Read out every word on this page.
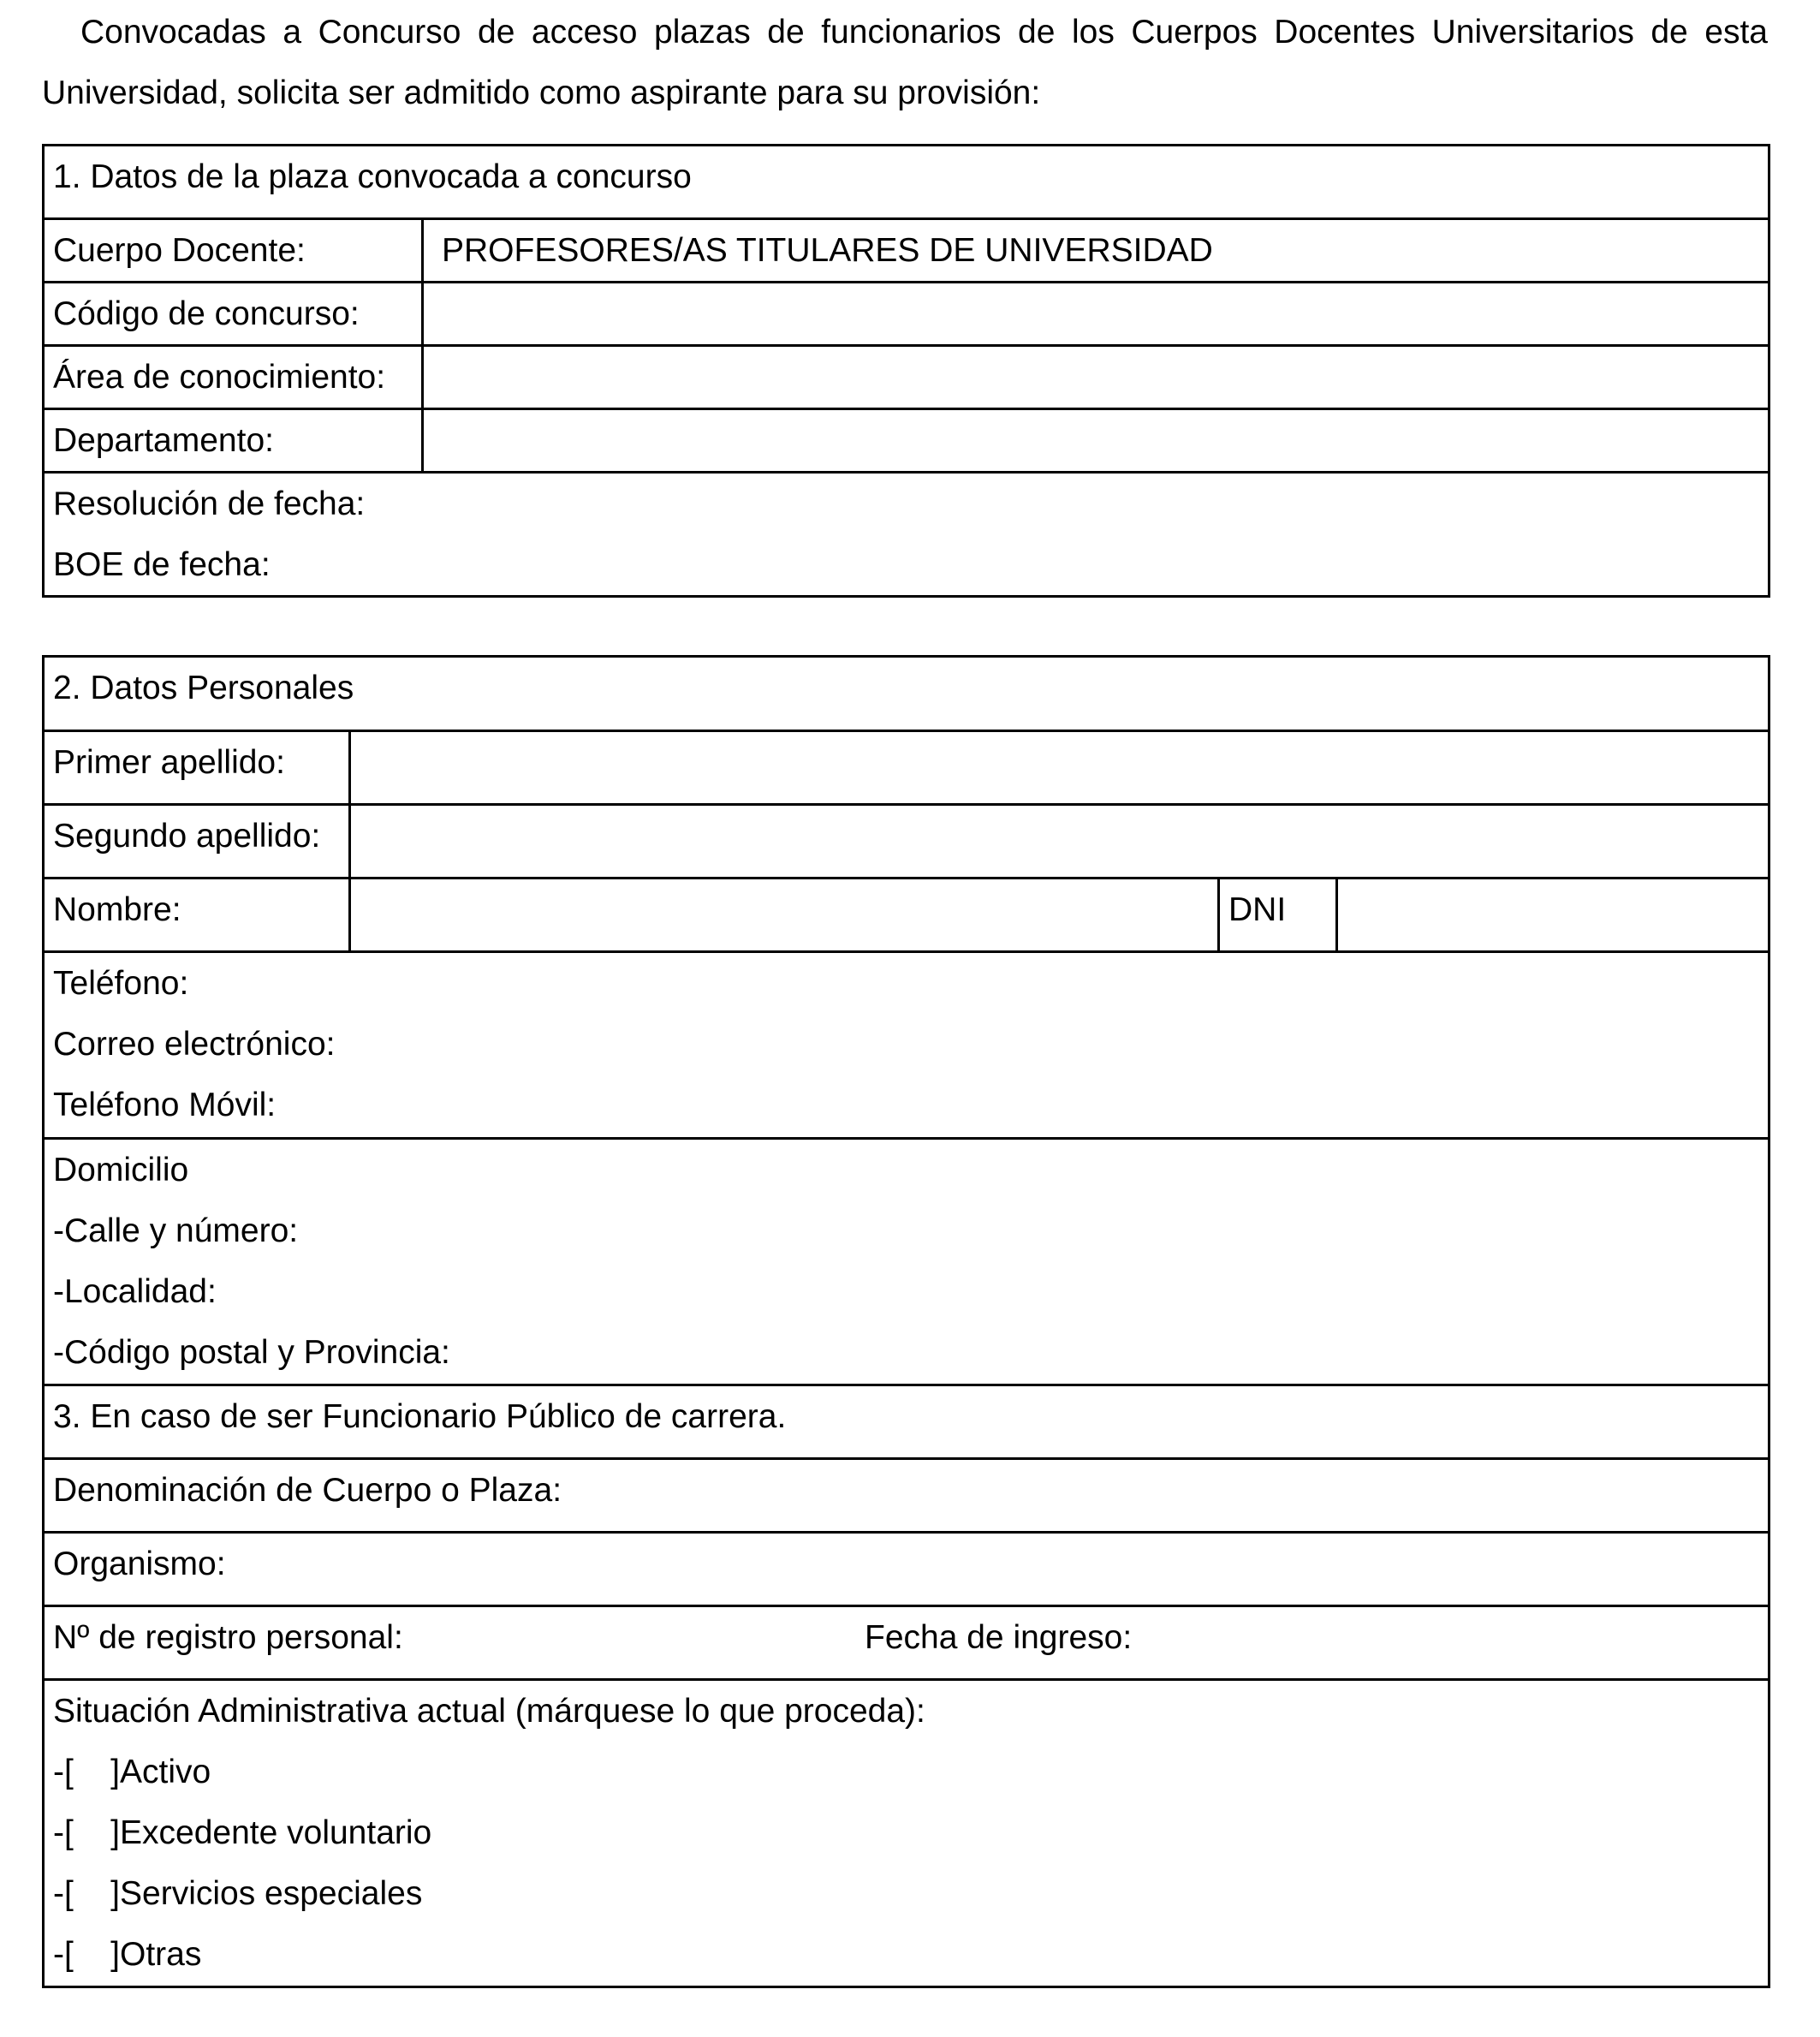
Convocadas a Concurso de acceso plazas de funcionarios de los Cuerpos Docentes Universitarios de esta

Universidad, solicita ser admitido como aspirante para su provisión:

1. Datos de la plaza convocada a concurso	
Cuerpo Docente:	PROFESORES/AS TITULARES DE UNIVERSIDAD
Código de concurso:	
Área de conocimiento:	
Departamento:	

Resolución de fecha:
BOE de fecha:	
2. Datos Personales			
Primer apellido:			
Segundo apellido:			
Nombre:		DNI	

Teléfono:
Correo electrónico:
Teléfono Móvil:			

Domicilio
-Calle y número:
-Localidad:
-Código postal y Provincia:			

3. En caso de ser Funcionario Público de carrera.			
Denominación de Cuerpo o Plaza:			
Organismo:			
Nº de registro personal: Fecha de ingreso:			

Situación Administrativa actual (márquese lo que proceda):
-[    ]Activo
-[    ]Excedente voluntario
-[    ]Servicios especiales
-[    ]Otras			
